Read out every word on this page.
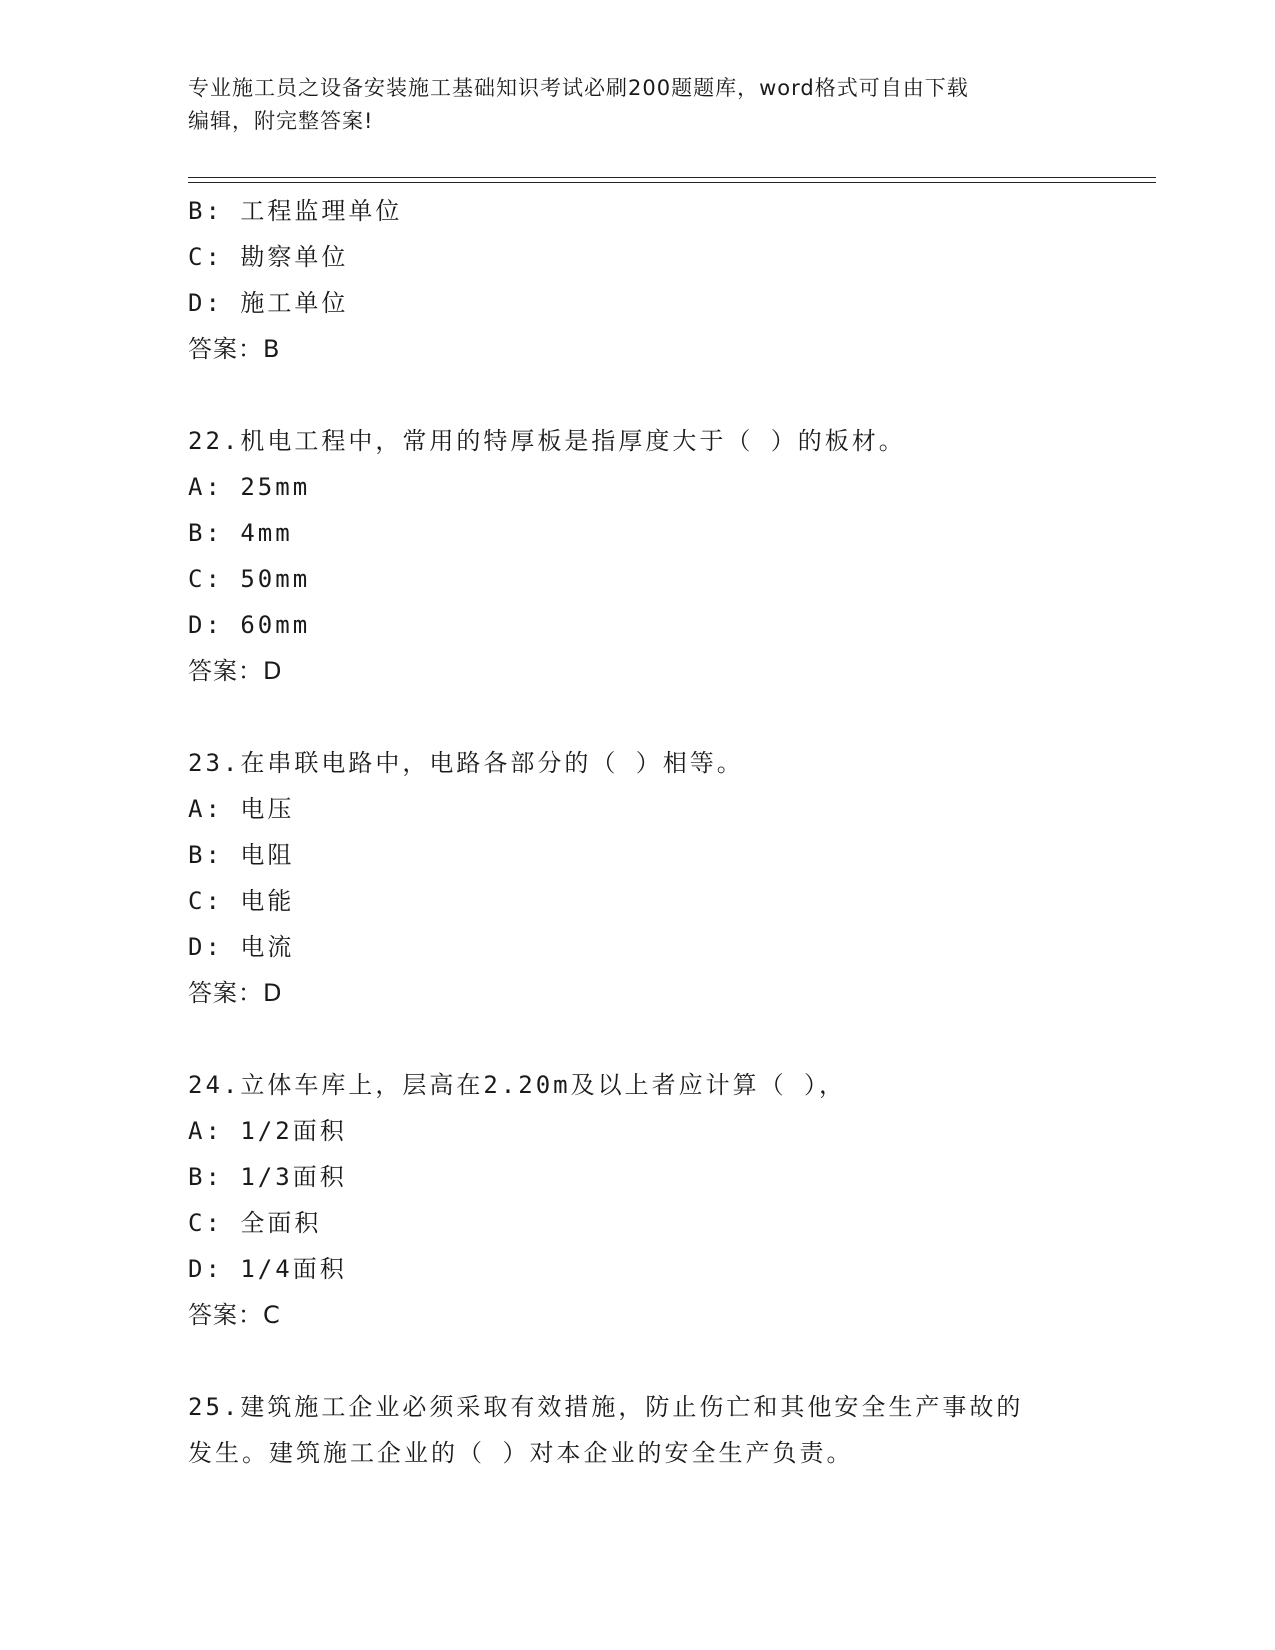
专业施工员之设备安装施工基础知识考试必刷200题题库，word格式可自由下载
编辑，附完整答案!
B: 工程监理单位
C: 勘察单位
D: 施工单位
答案：B
22.机电工程中，常用的特厚板是指厚度大于（ ）的板材。
A: 25mm
B: 4mm
C: 50mm
D: 60mm
答案：D
23.在串联电路中，电路各部分的（ ）相等。
A: 电压
B: 电阻
C: 电能
D: 电流
答案：D
24.立体车库上，层高在2.20m及以上者应计算（ ），
A: 1/2面积
B: 1/3面积
C: 全面积
D: 1/4面积
答案：C
25.建筑施工企业必须采取有效措施，防止伤亡和其他安全生产事故的
发生。建筑施工企业的（ ）对本企业的安全生产负责。
